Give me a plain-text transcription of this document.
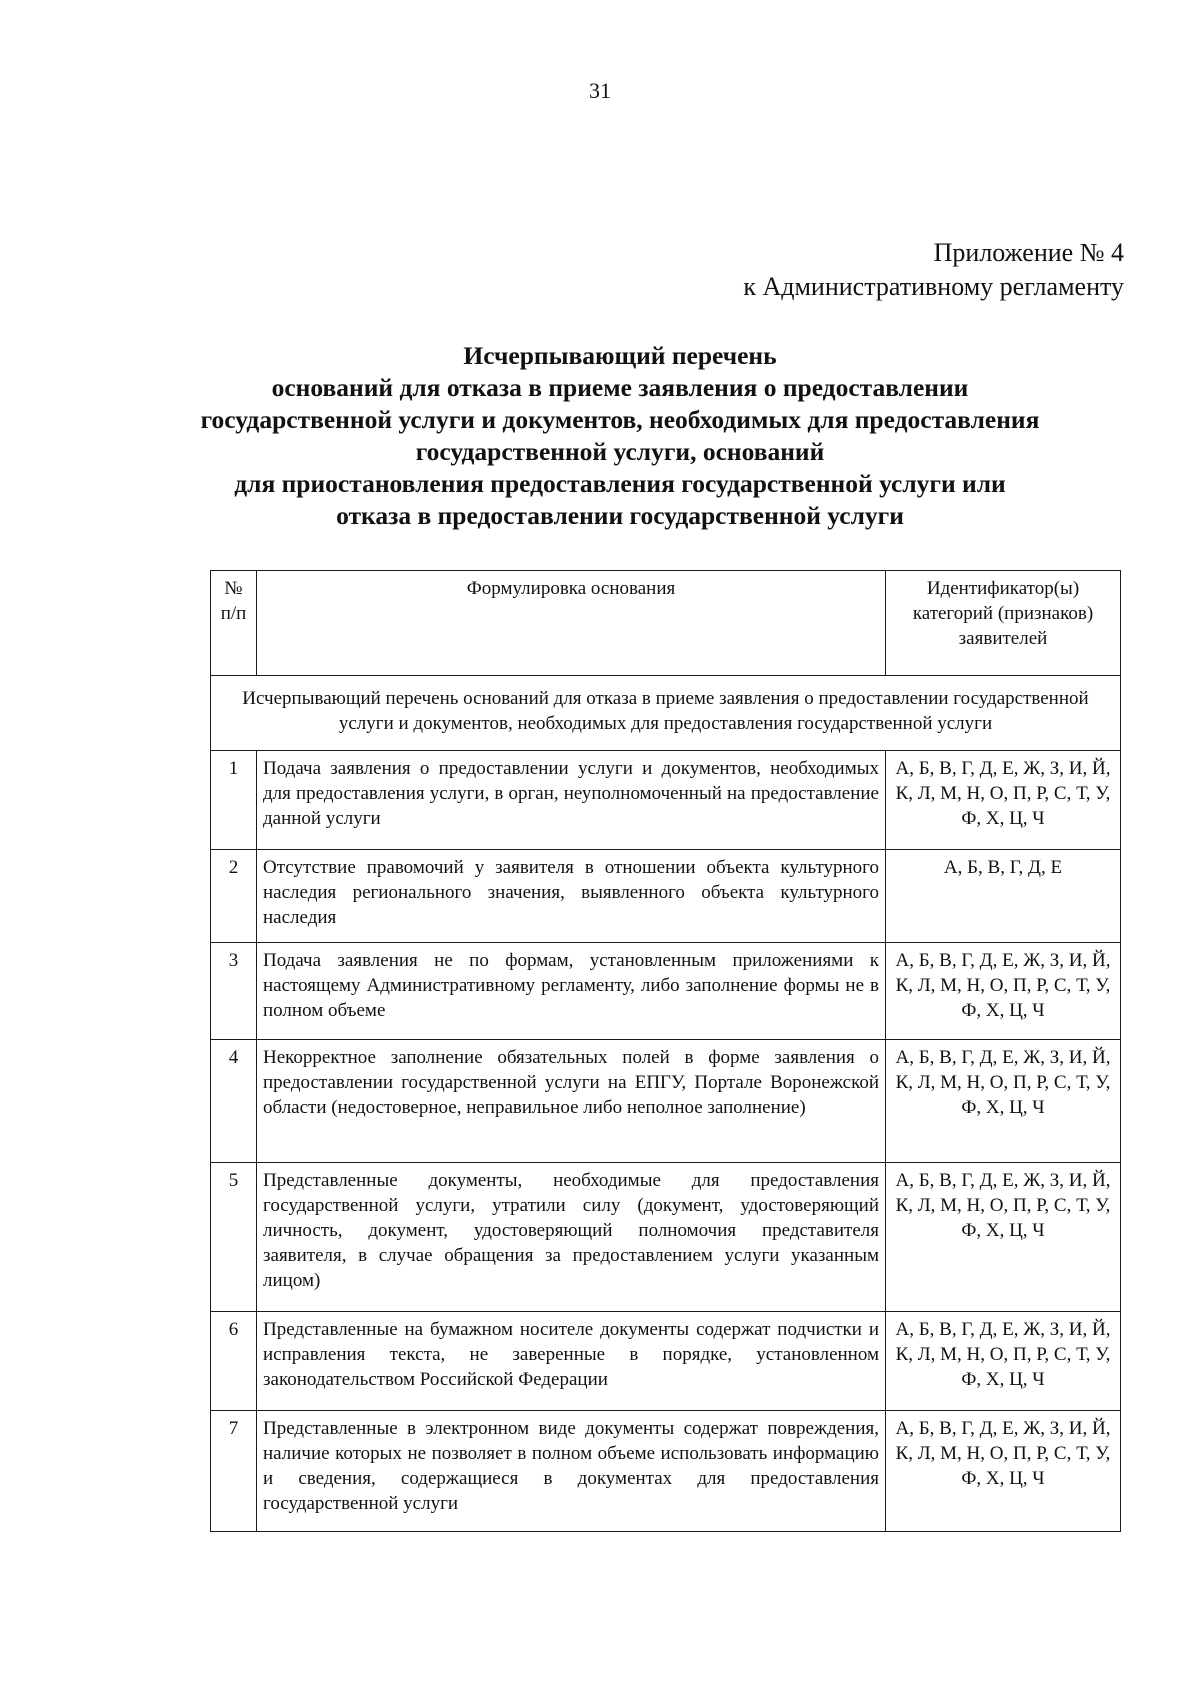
31
Приложение № 4
к Административному регламенту
Исчерпывающий перечень
оснований для отказа в приеме заявления о предоставлении
государственной услуги и документов, необходимых для предоставления
государственной услуги, оснований
для приостановления предоставления государственной услуги или
отказа в предоставлении государственной услуги
№ п/п	Формулировка основания	Идентификатор(ы) категорий (признаков) заявителей
Исчерпывающий перечень оснований для отказа в приеме заявления о предоставлении государственной услуги и документов, необходимых для предоставления государственной услуги		
1	Подача заявления о предоставлении услуги и документов, необходимых для предоставления услуги, в орган, неуполномоченный на предоставление данной услуги	А, Б, В, Г, Д, Е, Ж, З, И, Й, К, Л, М, Н, О, П, Р, С, Т, У, Ф, Х, Ц, Ч
2	Отсутствие правомочий у заявителя в отношении объекта культурного наследия регионального значения, выявленного объекта культурного наследия	А, Б, В, Г, Д, Е
3	Подача заявления не по формам, установленным приложениями к настоящему Административному регламенту, либо заполнение формы не в полном объеме	А, Б, В, Г, Д, Е, Ж, З, И, Й, К, Л, М, Н, О, П, Р, С, Т, У, Ф, Х, Ц, Ч
4	Некорректное заполнение обязательных полей в форме заявления о предоставлении государственной услуги на ЕПГУ, Портале Воронежской области (недостоверное, неправильное либо неполное заполнение)	А, Б, В, Г, Д, Е, Ж, З, И, Й, К, Л, М, Н, О, П, Р, С, Т, У, Ф, Х, Ц, Ч
5	Представленные документы, необходимые для предоставления государственной услуги, утратили силу (документ, удостоверяющий личность, документ, удостоверяющий полномочия представителя заявителя, в случае обращения за предоставлением услуги указанным лицом)	А, Б, В, Г, Д, Е, Ж, З, И, Й, К, Л, М, Н, О, П, Р, С, Т, У, Ф, Х, Ц, Ч
6	Представленные на бумажном носителе документы содержат подчистки и исправления текста, не заверенные в порядке, установленном законодательством Российской Федерации	А, Б, В, Г, Д, Е, Ж, З, И, Й, К, Л, М, Н, О, П, Р, С, Т, У, Ф, Х, Ц, Ч
7	Представленные в электронном виде документы содержат повреждения, наличие которых не позволяет в полном объеме использовать информацию и сведения, содержащиеся в документах для предоставления государственной услуги	А, Б, В, Г, Д, Е, Ж, З, И, Й, К, Л, М, Н, О, П, Р, С, Т, У, Ф, Х, Ц, Ч
